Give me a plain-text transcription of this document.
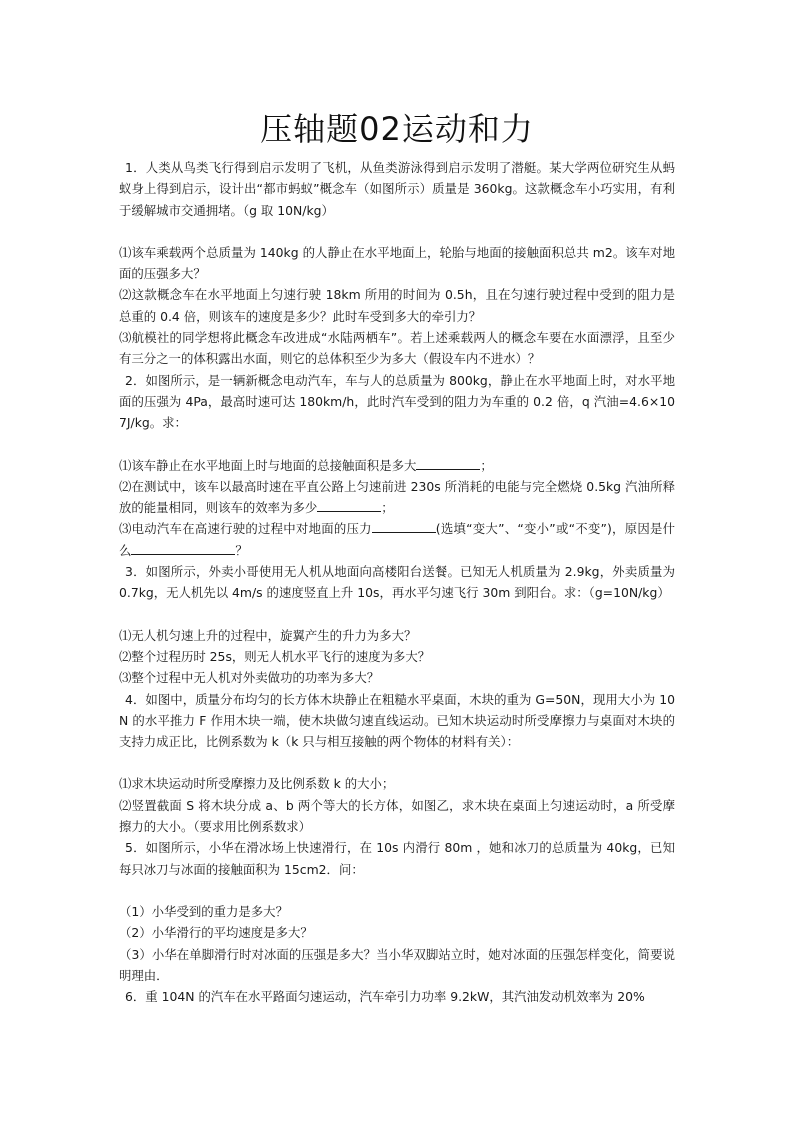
压轴题02运动和力

1．人类从鸟类飞行得到启示发明了飞机，从鱼类游泳得到启示发明了潜艇。某大学两位研究生从蚂蚁身上得到启示，设计出“都市蚂蚁”概念车（如图所示）质量是 360kg。这款概念车小巧实用，有利于缓解城市交通拥堵。（g 取 10N/kg）

⑴该车乘载两个总质量为 140kg 的人静止在水平地面上，轮胎与地面的接触面积总共 m2。该车对地面的压强多大？

⑵这款概念车在水平地面上匀速行驶 18km 所用的时间为 0.5h，且在匀速行驶过程中受到的阻力是总重的 0.4 倍，则该车的速度是多少？此时车受到多大的牵引力？

⑶航模社的同学想将此概念车改进成“水陆两栖车”。若上述乘载两人的概念车要在水面漂浮，且至少有三分之一的体积露出水面，则它的总体积至少为多大（假设车内不进水）？

2．如图所示，是一辆新概念电动汽车，车与人的总质量为 800kg，静止在水平地面上时，对水平地面的压强为 4Pa，最高时速可达 180km/h，此时汽车受到的阻力为车重的 0.2 倍，q 汽油=4.6×107J/kg。求：

⑴该车静止在水平地面上时与地面的总接触面积是多大	；

⑵在测试中，该车以最高时速在平直公路上匀速前进 230s 所消耗的电能与完全燃烧 0.5kg 汽油所释放的能量相同，则该车的效率为多少	；

⑶电动汽车在高速行驶的过程中对地面的压力	(选填“变大”、“变小”或“不变”)，原因是什么	？

3．如图所示，外卖小哥使用无人机从地面向高楼阳台送餐。已知无人机质量为 2.9kg，外卖质量为 0.7kg，无人机先以 4m/s 的速度竖直上升 10s，再水平匀速飞行 30m 到阳台。求：（g=10N/kg）

⑴无人机匀速上升的过程中，旋翼产生的升力为多大？

⑵整个过程历时 25s，则无人机水平飞行的速度为多大？

⑶整个过程中无人机对外卖做功的功率为多大？

4．如图中，质量分布均匀的长方体木块静止在粗糙水平桌面，木块的重为 G=50N，现用大小为 10N 的水平推力 F 作用木块一端，使木块做匀速直线运动。已知木块运动时所受摩擦力与桌面对木块的支持力成正比，比例系数为 k（k 只与相互接触的两个物体的材料有关）：

⑴求木块运动时所受摩擦力及比例系数 k 的大小；

⑵竖置截面 S 将木块分成 a、b 两个等大的长方体，如图乙，求木块在桌面上匀速运动时，a 所受摩擦力的大小。（要求用比例系数求）

5．如图所示，小华在滑冰场上快速滑行，在 10s 内滑行 80m ，她和冰刀的总质量为 40kg，已知每只冰刀与冰面的接触面积为 15cm2．问：

（1）小华受到的重力是多大？

（2）小华滑行的平均速度是多大？

（3）小华在单脚滑行时对冰面的压强是多大？当小华双脚站立时，她对冰面的压强怎样变化，简要说明理由．

6．重 104N 的汽车在水平路面匀速运动，汽车牵引力功率 9.2kW，其汽油发动机效率为 20%
